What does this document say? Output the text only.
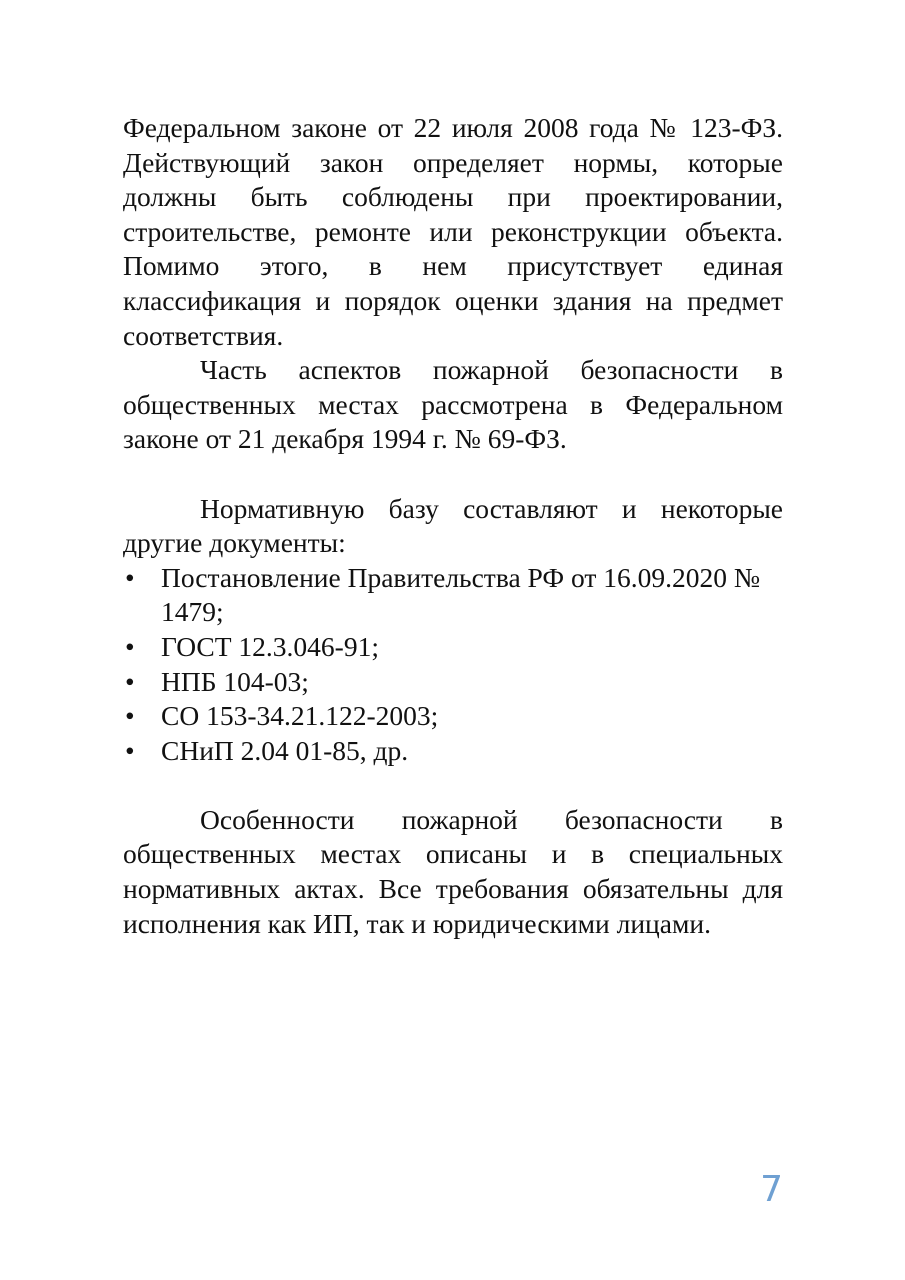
Федеральном законе от 22 июля 2008 года № 123-ФЗ. Действующий закон определяет нормы, которые должны быть соблюдены при проектировании, строительстве, ремонте или реконструкции объекта. Помимо этого, в нем присутствует единая классификация и порядок оценки здания на предмет соответствия.

Часть аспектов пожарной безопасности в общественных местах рассмотрена в Федеральном законе от 21 декабря 1994 г. № 69-ФЗ.

Нормативную базу составляют и некоторые другие документы:

• Постановление Правительства РФ от 16.09.2020 № 1479;
• ГОСТ 12.3.046-91;
• НПБ 104-03;
• СО 153-34.21.122-2003;
• СНиП 2.04 01-85, др.

Особенности пожарной безопасности в общественных местах описаны и в специальных нормативных актах. Все требования обязательны для исполнения как ИП, так и юридическими лицами.

7
